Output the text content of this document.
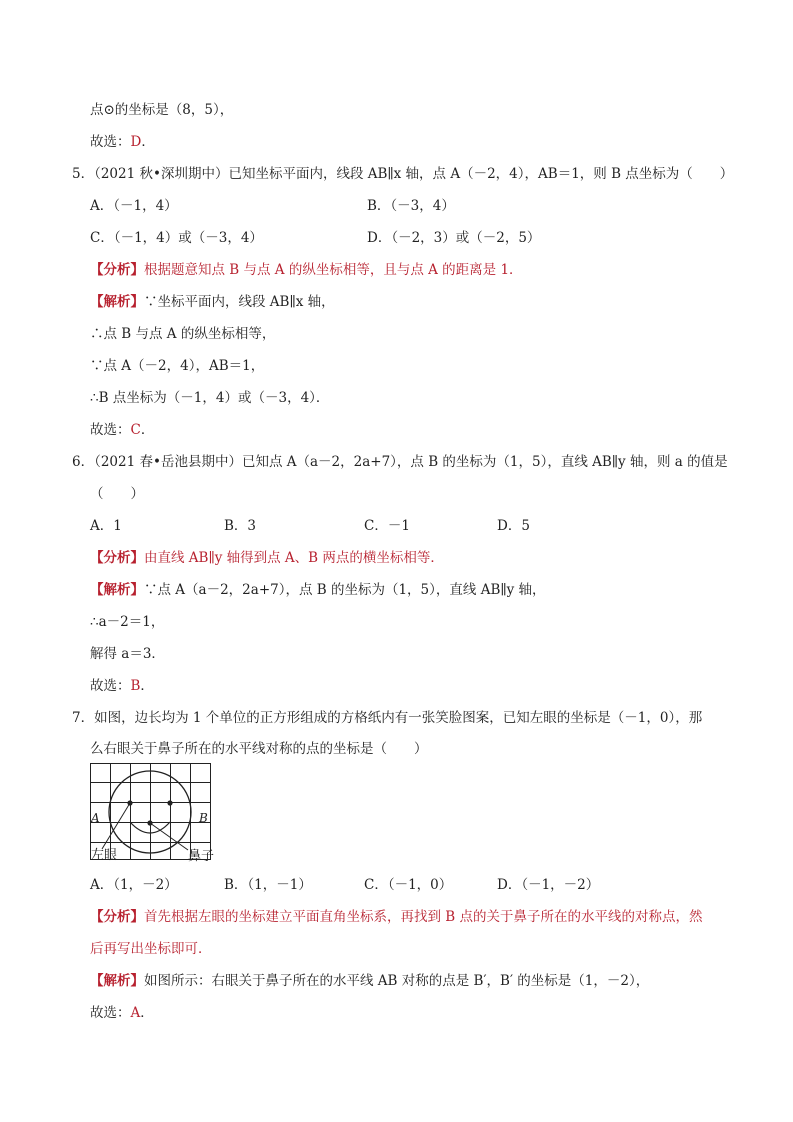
点⊙的坐标是（8，5），
故选：D．
5．（2021 秋•深圳期中）已知坐标平面内，线段 AB∥x 轴，点 A（－2，4），AB＝1，则 B 点坐标为（　　）
A．（－1，4）	B．（－3，4）
C．（－1，4）或（－3，4）	D．（－2，3）或（－2，5）
【分析】根据题意知点 B 与点 A 的纵坐标相等，且与点 A 的距离是 1．
【解析】∵坐标平面内，线段 AB∥x 轴，
∴点 B 与点 A 的纵坐标相等，
∵点 A（－2，4），AB＝1，
∴B 点坐标为（－1，4）或（－3，4）．
故选：C．
6．（2021 春•岳池县期中）已知点 A（a－2，2a+7），点 B 的坐标为（1，5），直线 AB∥y 轴，则 a 的值是
（　　）
A．1	B．3	C．－1	D．5
【分析】由直线 AB∥y 轴得到点 A、B 两点的横坐标相等．
【解析】∵点 A（a－2，2a+7），点 B 的坐标为（1，5），直线 AB∥y 轴，
∴a－2＝1，
解得 a＝3．
故选：B．
7．如图，边长均为 1 个单位的正方形组成的方格纸内有一张笑脸图案，已知左眼的坐标是（－1，0），那
么右眼关于鼻子所在的水平线对称的点的坐标是（　　）
A	B
左眼	鼻子
A．（1，－2）	B．（1，－1）	C．（－1，0）	D．（－1，－2）
【分析】首先根据左眼的坐标建立平面直角坐标系，再找到 B 点的关于鼻子所在的水平线的对称点，然
后再写出坐标即可．
【解析】如图所示：右眼关于鼻子所在的水平线 AB 对称的点是 B′，B′ 的坐标是（1，－2），
故选：A．
